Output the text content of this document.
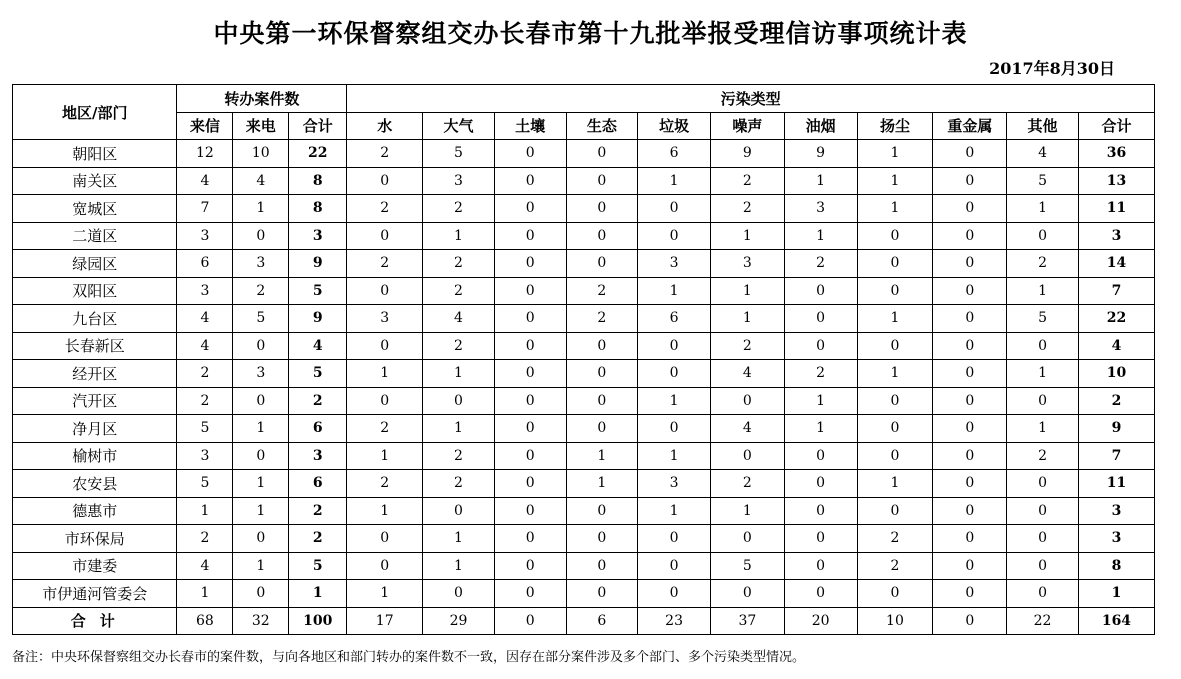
中央第一环保督察组交办长春市第十九批举报受理信访事项统计表
2017年8月30日
地区/部门	转办案件数			污染类型										
	来信	来电	合计	水	大气	土壤	生态	垃圾	噪声	油烟	扬尘	重金属	其他	合计
朝阳区	12	10	22	2	5	0	0	6	9	9	1	0	4	36
南关区	4	4	8	0	3	0	0	1	2	1	1	0	5	13
宽城区	7	1	8	2	2	0	0	0	2	3	1	0	1	11
二道区	3	0	3	0	1	0	0	0	1	1	0	0	0	3
绿园区	6	3	9	2	2	0	0	3	3	2	0	0	2	14
双阳区	3	2	5	0	2	0	2	1	1	0	0	0	1	7
九台区	4	5	9	3	4	0	2	6	1	0	1	0	5	22
长春新区	4	0	4	0	2	0	0	0	2	0	0	0	0	4
经开区	2	3	5	1	1	0	0	0	4	2	1	0	1	10
汽开区	2	0	2	0	0	0	0	1	0	1	0	0	0	2
净月区	5	1	6	2	1	0	0	0	4	1	0	0	1	9
榆树市	3	0	3	1	2	0	1	1	0	0	0	0	2	7
农安县	5	1	6	2	2	0	1	3	2	0	1	0	0	11
德惠市	1	1	2	1	0	0	0	1	1	0	0	0	0	3
市环保局	2	0	2	0	1	0	0	0	0	0	2	0	0	3
市建委	4	1	5	0	1	0	0	0	5	0	2	0	0	8
市伊通河管委会	1	0	1	1	0	0	0	0	0	0	0	0	0	1
合计	68	32	100	17	29	0	6	23	37	20	10	0	22	164
备注：中央环保督察组交办长春市的案件数，与向各地区和部门转办的案件数不一致，因存在部分案件涉及多个部门、多个污染类型情况。
